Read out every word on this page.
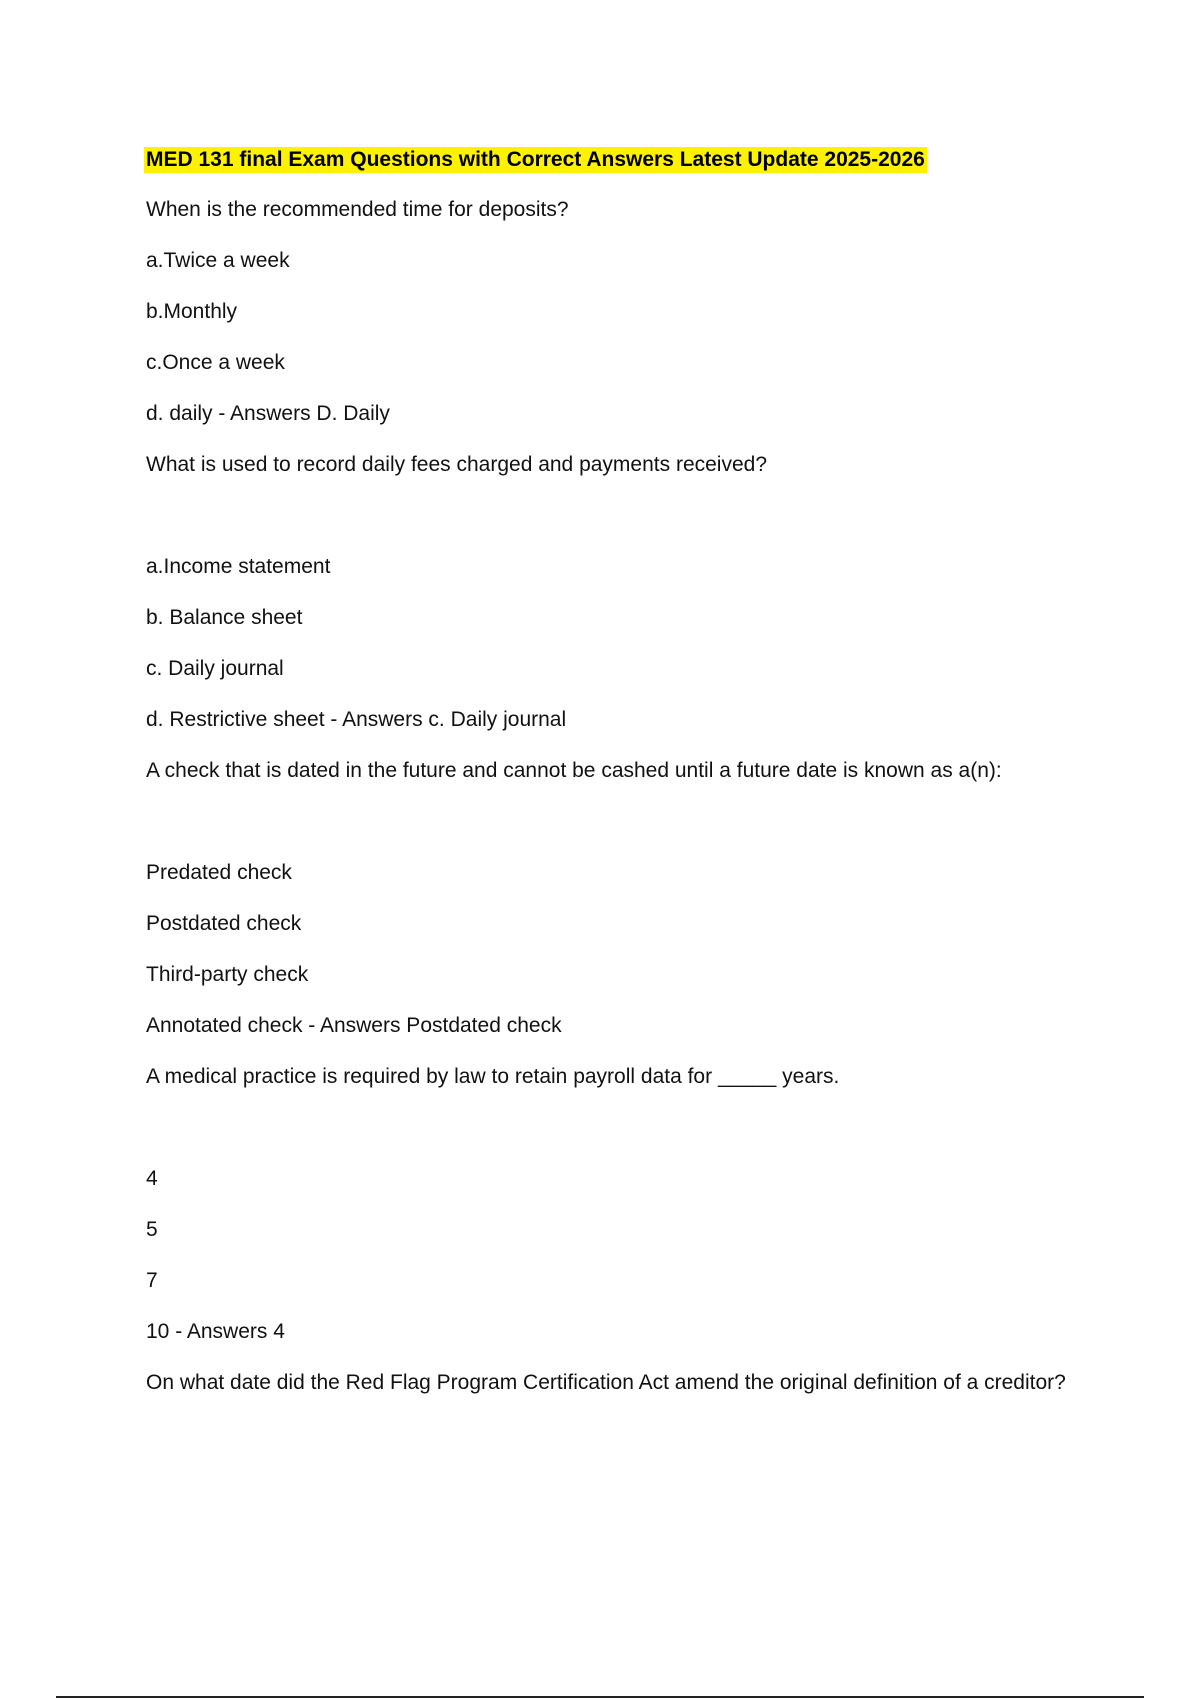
MED 131 final Exam Questions with Correct Answers Latest Update 2025-2026
When is the recommended time for deposits?
a.Twice a week
b.Monthly
c.Once a week
d. daily - Answers D. Daily
What is used to record daily fees charged and payments received?
a.Income statement
b. Balance sheet
c. Daily journal
d. Restrictive sheet - Answers c. Daily journal
A check that is dated in the future and cannot be cashed until a future date is known as a(n):
Predated check
Postdated check
Third-party check
Annotated check - Answers Postdated check
A medical practice is required by law to retain payroll data for _____ years.
4
5
7
10 - Answers 4
On what date did the Red Flag Program Certification Act amend the original definition of a creditor?
